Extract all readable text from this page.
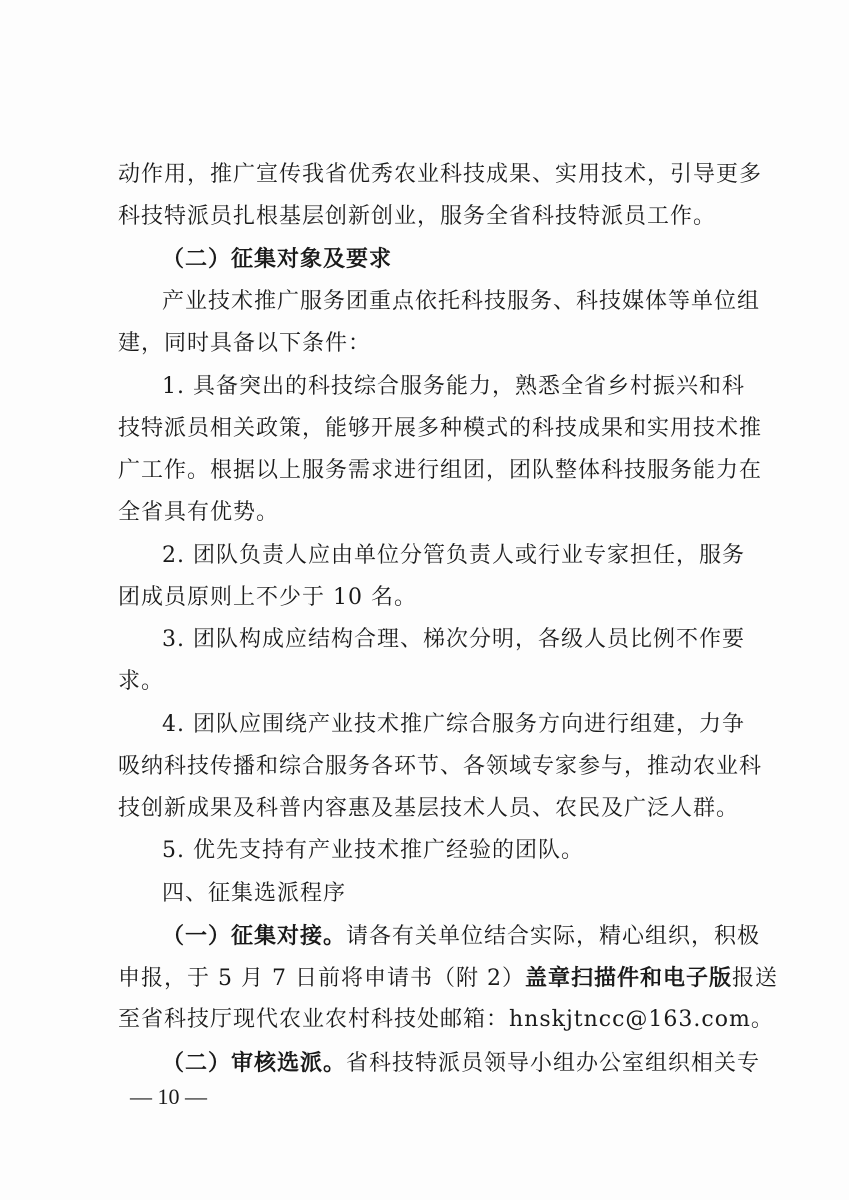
动作用，推广宣传我省优秀农业科技成果、实用技术，引导更多
科技特派员扎根基层创新创业，服务全省科技特派员工作。
（二）征集对象及要求
产业技术推广服务团重点依托科技服务、科技媒体等单位组
建，同时具备以下条件：
1. 具备突出的科技综合服务能力，熟悉全省乡村振兴和科
技特派员相关政策，能够开展多种模式的科技成果和实用技术推
广工作。根据以上服务需求进行组团，团队整体科技服务能力在
全省具有优势。
2. 团队负责人应由单位分管负责人或行业专家担任，服务
团成员原则上不少于 10 名。
3. 团队构成应结构合理、梯次分明，各级人员比例不作要
求。
4. 团队应围绕产业技术推广综合服务方向进行组建，力争
吸纳科技传播和综合服务各环节、各领域专家参与，推动农业科
技创新成果及科普内容惠及基层技术人员、农民及广泛人群。
5. 优先支持有产业技术推广经验的团队。
四、征集选派程序
（一）征集对接。请各有关单位结合实际，精心组织，积极
申报，于 5 月 7 日前将申请书（附 2）盖章扫描件和电子版报送
至省科技厅现代农业农村科技处邮箱：hnskjtncc@163.com。
（二）审核选派。省科技特派员领导小组办公室组织相关专
— 10 —
